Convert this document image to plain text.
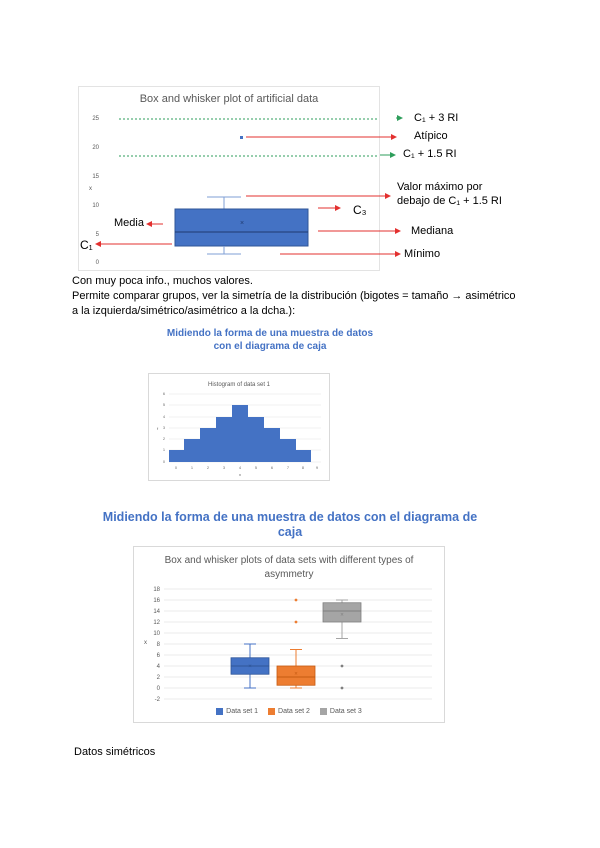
Box and whisker plot of artificial data
25
20
15
10
5
0
x
×
C₁ + 3 RI
Atípico
C₁ + 1.5 RI
Valor máximo por
debajo de C₁ + 1.5 RI
C₃
Media
Mediana
C₁
Mínimo
Con muy poca info., muchos valores.
Permite comparar grupos, ver la simetría de la distribución (bigotes = tamaño → asimétrico
a la izquierda/simétrico/asimétrico a la dcha.):
Midiendo la forma de una muestra de datos
con el diagrama de caja
Histogram of data set 1
6
5
4
3
2
1
0
f
0	1	2	3	4	5	6	7	8	9
x
Midiendo la forma de una muestra de datos con el diagrama de
caja
Box and whisker plots of data sets with different types of
asymmetry
18
16
14
12
10
8
6
4
2
0
-2
x
×
×
×
Data set 1
	Data set 2
	Data set 3
Datos simétricos
